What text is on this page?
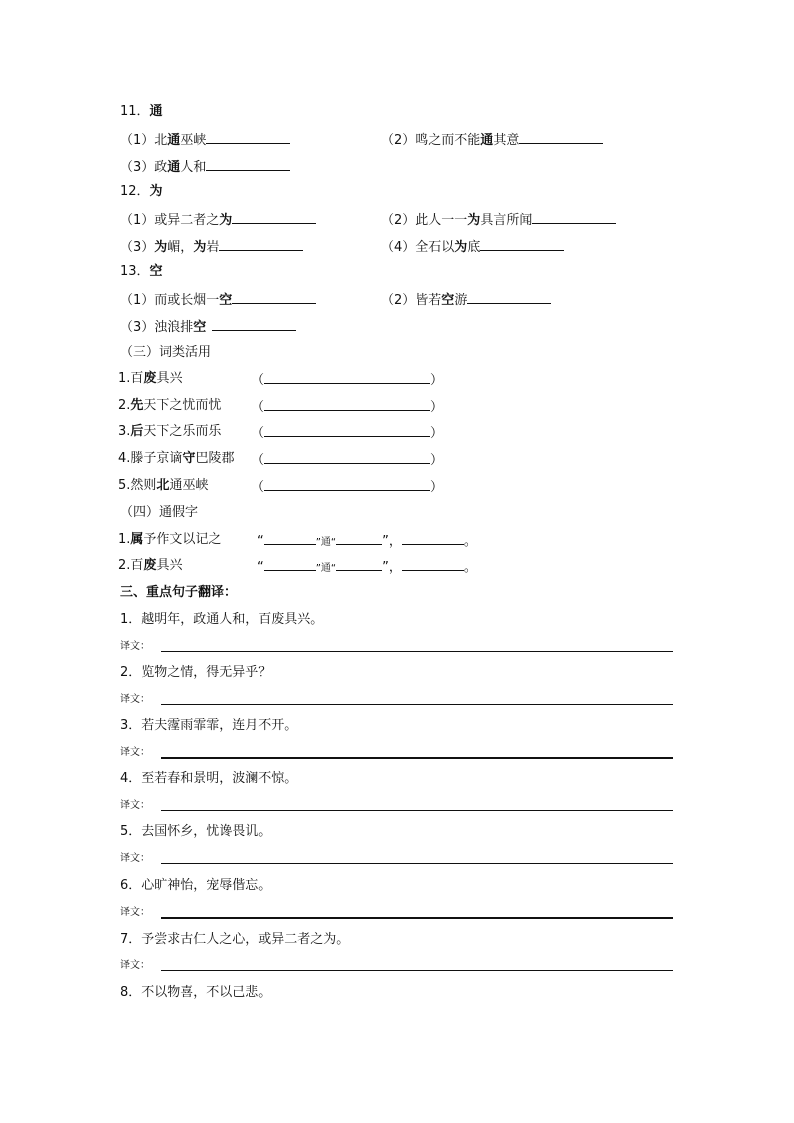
11．通
（1）北通巫峡	（2）鸣之而不能通其意
（3）政通人和
12．为
（1）或异二者之为	（2）此人一一为具言所闻
（3）为嵋，为岩	（4）全石以为底
13．空
（1）而或长烟一空	（2）皆若空游
（3）浊浪排空
（三）词类活用
1.百废具兴	（	）
2.先天下之忧而忧 （	）
3.后天下之乐而乐 （	）
4.滕子京谪守巴陵郡 （	）
5.然则北通巫峡	（	）
（四）通假字
1.属予作文以记之	“	”通“	”，	。
2.百废具兴	“	”通“	”，	。
三、重点句子翻译：
1．越明年，政通人和，百废具兴。
译文：
2．览物之情，得无异乎？
译文：
3．若夫霪雨霏霏，连月不开。
译文：
4．至若春和景明，波澜不惊。
译文：
5．去国怀乡，忧谗畏讥。
译文：
6．心旷神怡，宠辱偕忘。
译文：
7．予尝求古仁人之心，或异二者之为。
译文：
8．不以物喜，不以己悲。
